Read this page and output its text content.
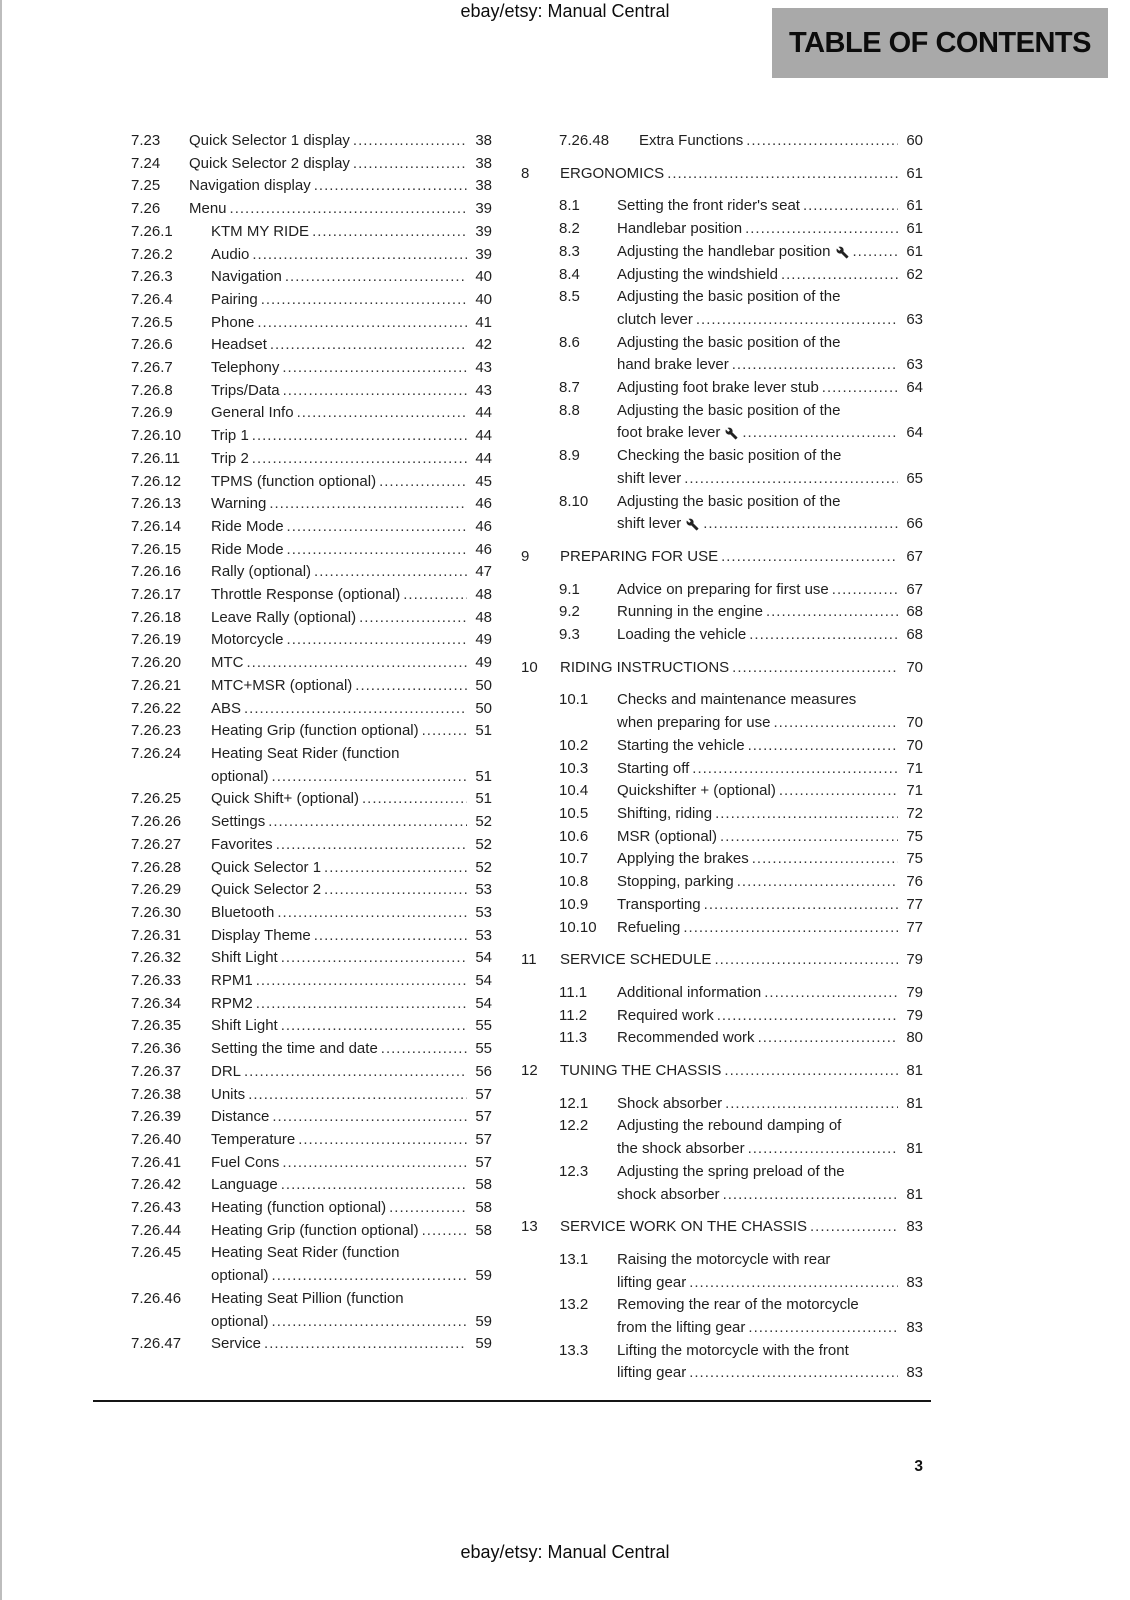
ebay/etsy: Manual Central
TABLE OF CONTENTS
7.23	Quick Selector 1 display .....	38
7.24	Quick Selector 2 display .....	38
7.25	Navigation display .....	38
7.26	Menu .....	39
7.26.1	KTM MY RIDE .....	39
7.26.2	Audio .....	39
7.26.3	Navigation .....	40
7.26.4	Pairing .....	40
7.26.5	Phone .....	41
7.26.6	Headset .....	42
7.26.7	Telephony .....	43
7.26.8	Trips/Data .....	43
7.26.9	General Info .....	44
7.26.10	Trip 1 .....	44
7.26.11	Trip 2 .....	44
7.26.12	TPMS (function optional) .....	45
7.26.13	Warning .....	46
7.26.14	Ride Mode .....	46
7.26.15	Ride Mode .....	46
7.26.16	Rally (optional) .....	47
7.26.17	Throttle Response (optional) .....	48
7.26.18	Leave Rally (optional) .....	48
7.26.19	Motorcycle .....	49
7.26.20	MTC .....	49
7.26.21	MTC+MSR (optional) .....	50
7.26.22	ABS .....	50
7.26.23	Heating Grip (function optional) .....	51
7.26.24	Heating Seat Rider (function
optional) .....	51
7.26.25	Quick Shift+ (optional) .....	51
7.26.26	Settings .....	52
7.26.27	Favorites .....	52
7.26.28	Quick Selector 1 .....	52
7.26.29	Quick Selector 2 .....	53
7.26.30	Bluetooth .....	53
7.26.31	Display Theme .....	53
7.26.32	Shift Light .....	54
7.26.33	RPM1 .....	54
7.26.34	RPM2 .....	54
7.26.35	Shift Light .....	55
7.26.36	Setting the time and date .....	55
7.26.37	DRL .....	56
7.26.38	Units .....	57
7.26.39	Distance .....	57
7.26.40	Temperature .....	57
7.26.41	Fuel Cons .....	57
7.26.42	Language .....	58
7.26.43	Heating (function optional) .....	58
7.26.44	Heating Grip (function optional) .....	58
7.26.45	Heating Seat Rider (function
optional) .....	59
7.26.46	Heating Seat Pillion (function
optional) .....	59
7.26.47	Service .....	59
7.26.48	Extra Functions .....	60
8	ERGONOMICS .....	61
8.1	Setting the front rider's seat .....	61
8.2	Handlebar position .....	61
8.3	Adjusting the handlebar position .....	61
8.4	Adjusting the windshield .....	62
8.5	Adjusting the basic position of the
clutch lever .....	63
8.6	Adjusting the basic position of the
hand brake lever .....	63
8.7	Adjusting foot brake lever stub .....	64
8.8	Adjusting the basic position of the
foot brake lever .....	64
8.9	Checking the basic position of the
shift lever .....	65
8.10	Adjusting the basic position of the
shift lever .....	66
9	PREPARING FOR USE .....	67
9.1	Advice on preparing for first use .....	67
9.2	Running in the engine .....	68
9.3	Loading the vehicle .....	68
10	RIDING INSTRUCTIONS .....	70
10.1	Checks and maintenance measures
when preparing for use .....	70
10.2	Starting the vehicle .....	70
10.3	Starting off .....	71
10.4	Quickshifter + (optional) .....	71
10.5	Shifting, riding .....	72
10.6	MSR (optional) .....	75
10.7	Applying the brakes .....	75
10.8	Stopping, parking .....	76
10.9	Transporting .....	77
10.10	Refueling .....	77
11	SERVICE SCHEDULE .....	79
11.1	Additional information .....	79
11.2	Required work .....	79
11.3	Recommended work .....	80
12	TUNING THE CHASSIS .....	81
12.1	Shock absorber .....	81
12.2	Adjusting the rebound damping of
the shock absorber .....	81
12.3	Adjusting the spring preload of the
shock absorber .....	81
13	SERVICE WORK ON THE CHASSIS .....	83
13.1	Raising the motorcycle with rear
lifting gear .....	83
13.2	Removing the rear of the motorcycle
from the lifting gear .....	83
13.3	Lifting the motorcycle with the front
lifting gear .....	83
3
ebay/etsy: Manual Central
